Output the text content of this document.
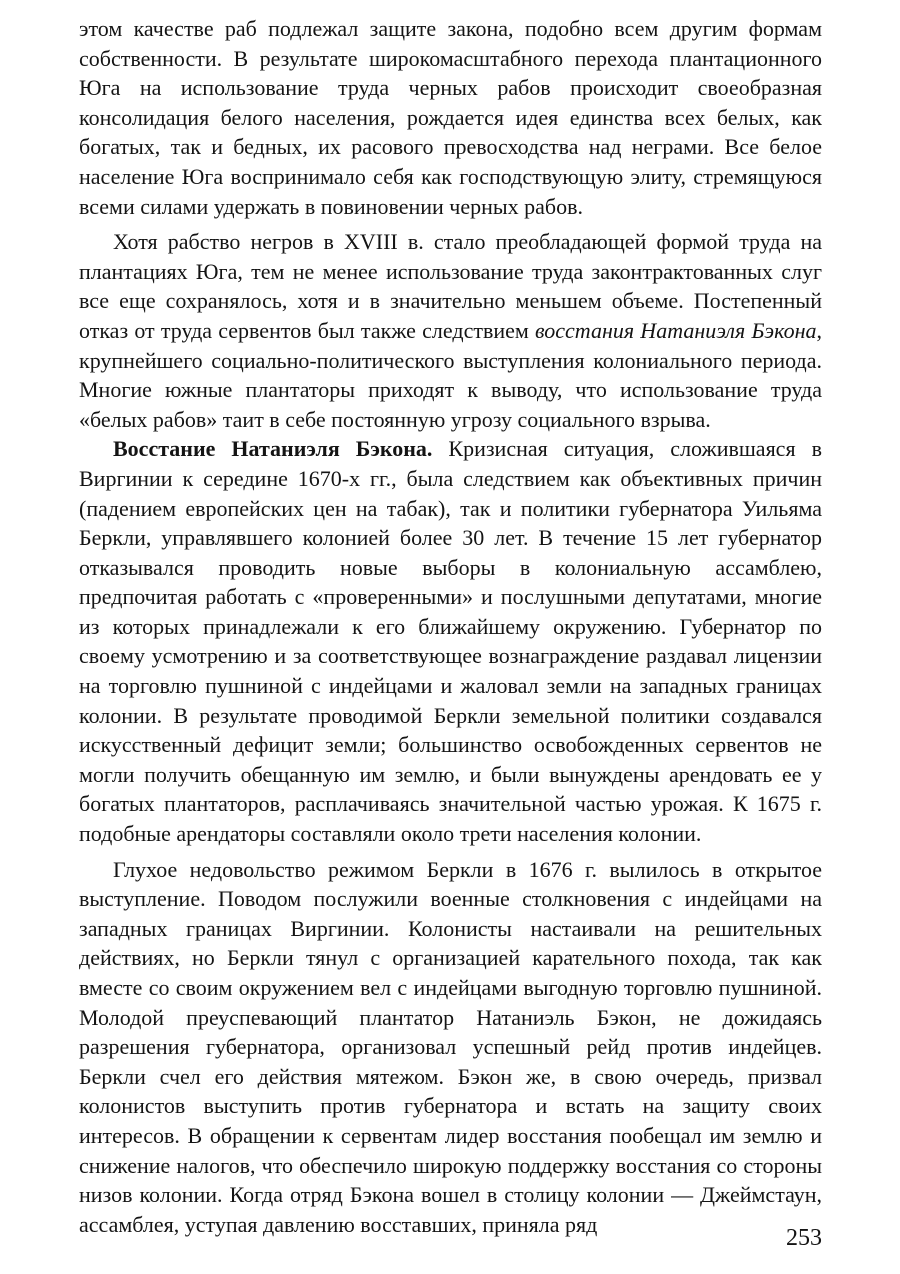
этом качестве раб подлежал защите закона, подобно всем другим формам собственности. В результате широкомасштабного перехода плантационного Юга на использование труда черных рабов происходит своеобразная консолидация белого населения, рождается идея единства всех белых, как богатых, так и бедных, их расового превосходства над неграми. Все белое население Юга воспринимало себя как господствующую элиту, стремящуюся всеми силами удержать в повиновении черных рабов.

Хотя рабство негров в XVIII в. стало преобладающей формой труда на плантациях Юга, тем не менее использование труда законтрактованных слуг все еще сохранялось, хотя и в значительно меньшем объеме. Постепенный отказ от труда сервентов был также следствием восстания Натаниэля Бэкона, крупнейшего социально-политического выступления колониального периода. Многие южные плантаторы приходят к выводу, что использование труда «белых рабов» таит в себе постоянную угрозу социального взрыва.

Восстание Натаниэля Бэкона. Кризисная ситуация, сложившаяся в Виргинии к середине 1670-х гг., была следствием как объективных причин (падением европейских цен на табак), так и политики губернатора Уильяма Беркли, управлявшего колонией более 30 лет. В течение 15 лет губернатор отказывался проводить новые выборы в колониальную ассамблею, предпочитая работать с «проверенными» и послушными депутатами, многие из которых принадлежали к его ближайшему окружению. Губернатор по своему усмотрению и за соответствующее вознаграждение раздавал лицензии на торговлю пушниной с индейцами и жаловал земли на западных границах колонии. В результате проводимой Беркли земельной политики создавался искусственный дефицит земли; большинство освобожденных сервентов не могли получить обещанную им землю, и были вынуждены арендовать ее у богатых плантаторов, расплачиваясь значительной частью урожая. К 1675 г. подобные арендаторы составляли около трети населения колонии.

Глухое недовольство режимом Беркли в 1676 г. вылилось в открытое выступление. Поводом послужили военные столкновения с индейцами на западных границах Виргинии. Колонисты настаивали на решительных действиях, но Беркли тянул с организацией карательного похода, так как вместе со своим окружением вел с индейцами выгодную торговлю пушниной. Молодой преуспевающий плантатор Натаниэль Бэкон, не дожидаясь разрешения губернатора, организовал успешный рейд против индейцев. Беркли счел его действия мятежом. Бэкон же, в свою очередь, призвал колонистов выступить против губернатора и встать на защиту своих интересов. В обращении к сервентам лидер восстания пообещал им землю и снижение налогов, что обеспечило широкую поддержку восстания со стороны низов колонии. Когда отряд Бэкона вошел в столицу колонии — Джеймстаун, ассамблея, уступая давлению восставших, приняла ряд

253
